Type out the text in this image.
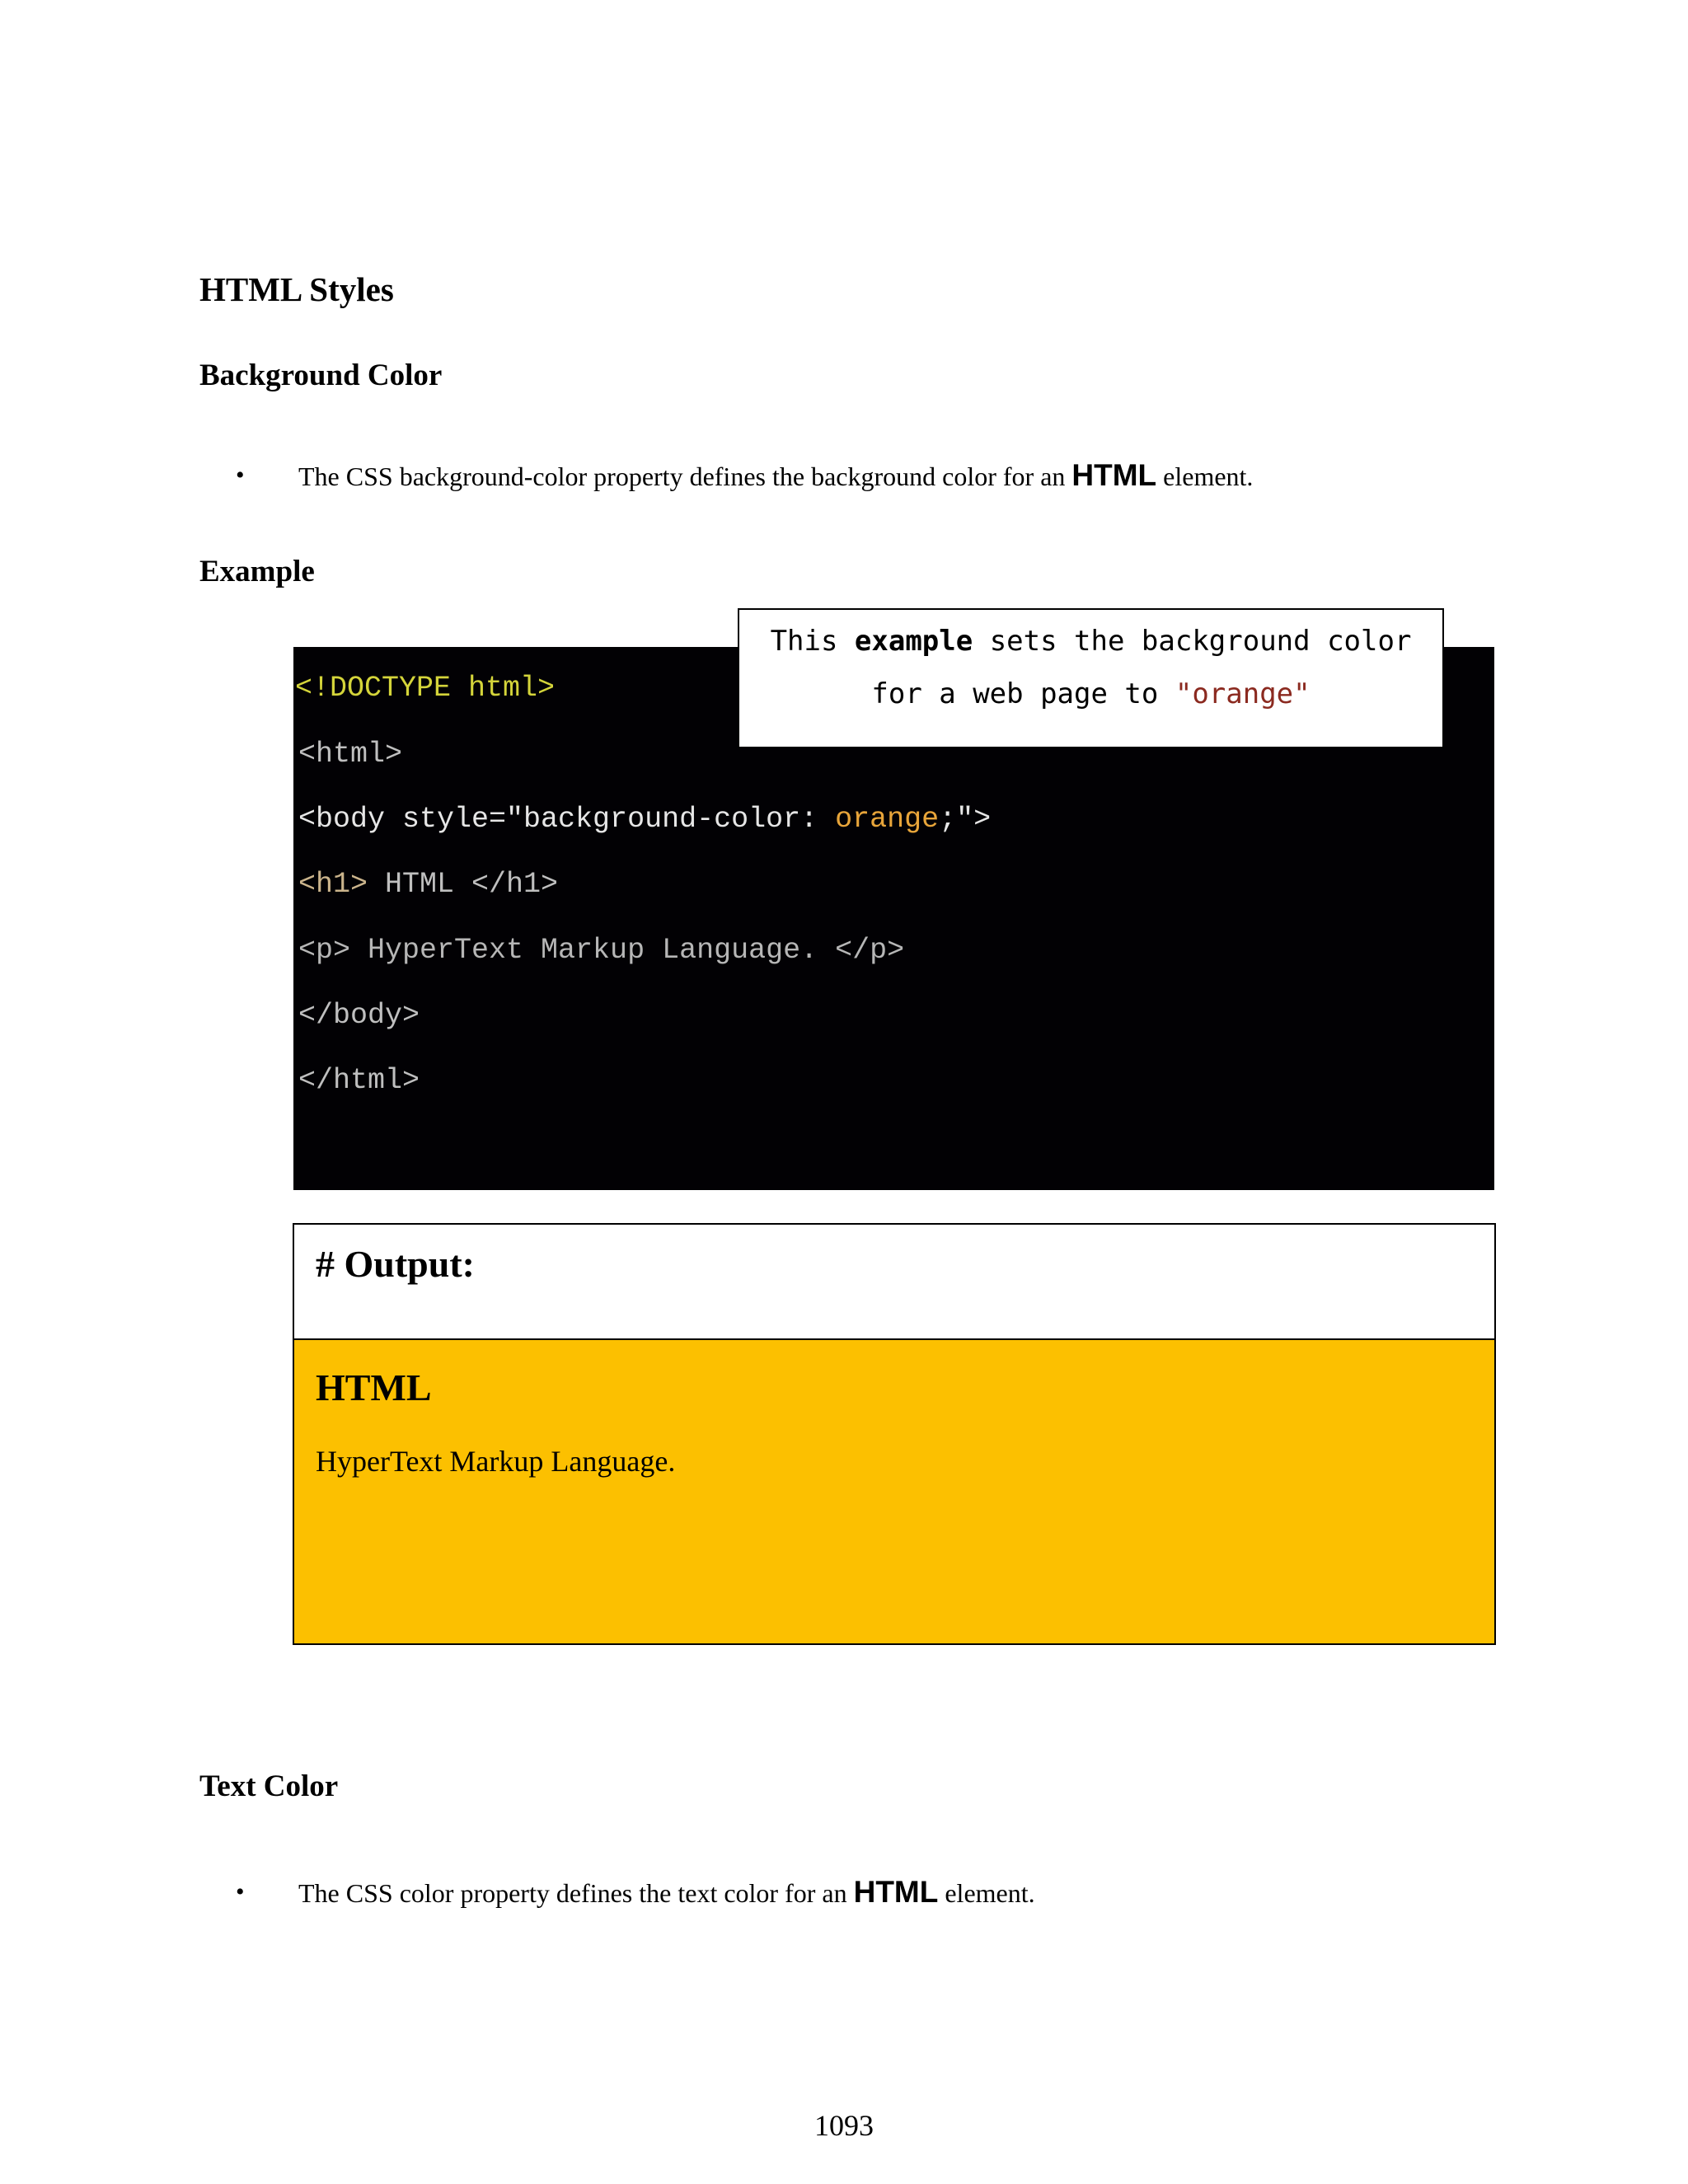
HTML Styles
Background Color
• The CSS background-color property defines the background color for an HTML element.
Example
<!DOCTYPE html>
<html>
<body style="background-color: orange;">
<h1> HTML </h1>
<p> HyperText Markup Language. </p>
</body>
</html>
This example sets the background color
for a web page to "orange"
# Output:
HTML
HyperText Markup Language.
Text Color
• The CSS color property defines the text color for an HTML element.
1093
